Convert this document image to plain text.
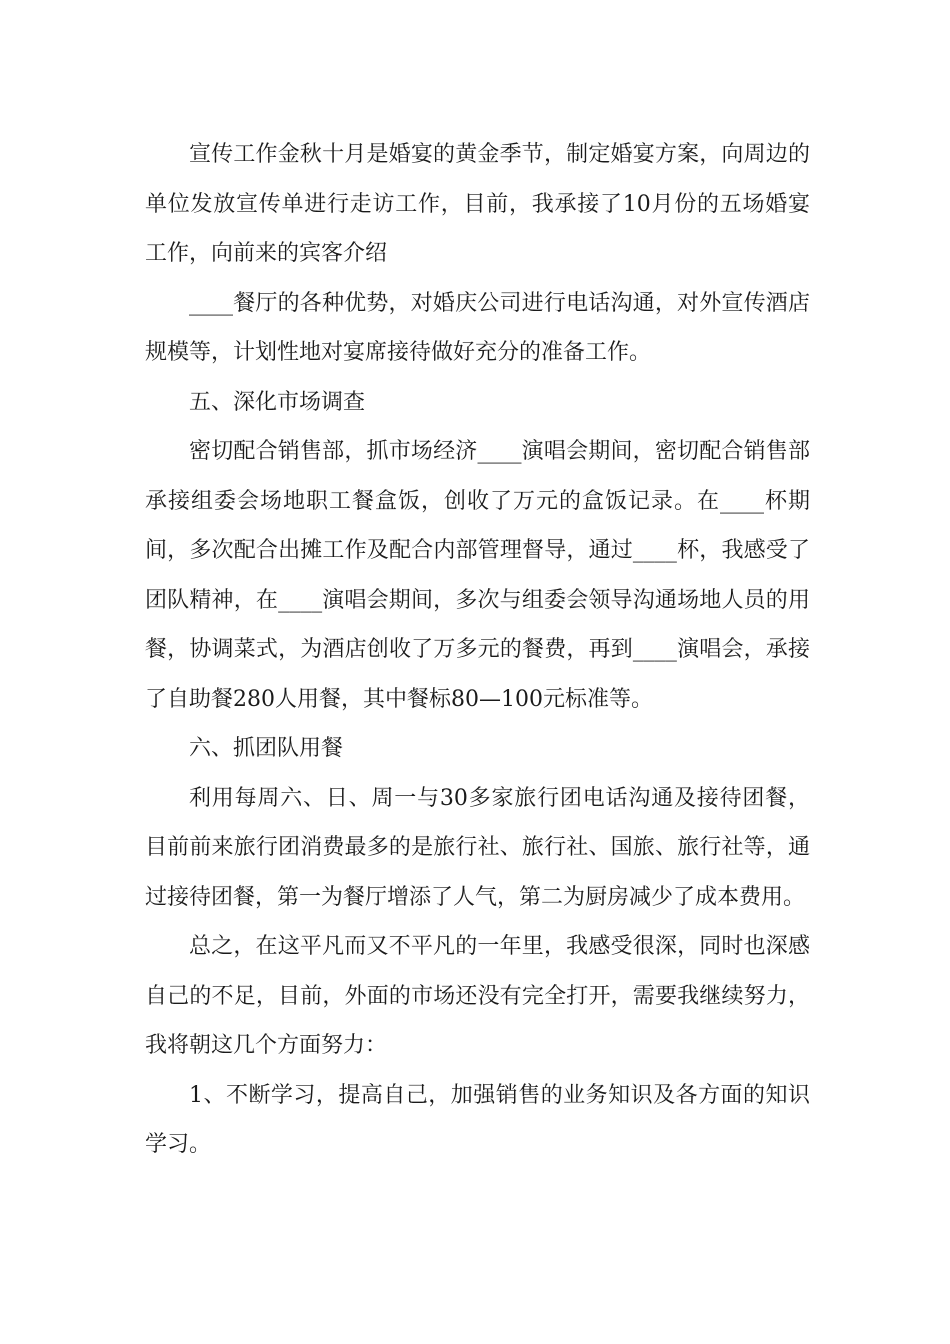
宣传工作金秋十月是婚宴的黄金季节，制定婚宴方案，向周边的单位发放宣传单进行走访工作，目前，我承接了10月份的五场婚宴工作，向前来的宾客介绍

____餐厅的各种优势，对婚庆公司进行电话沟通，对外宣传酒店规模等，计划性地对宴席接待做好充分的准备工作。

五、深化市场调查

密切配合销售部，抓市场经济____演唱会期间，密切配合销售部承接组委会场地职工餐盒饭，创收了万元的盒饭记录。在____杯期间，多次配合出摊工作及配合内部管理督导，通过____杯，我感受了团队精神，在____演唱会期间，多次与组委会领导沟通场地人员的用餐，协调菜式，为酒店创收了万多元的餐费，再到____演唱会，承接了自助餐280人用餐，其中餐标80—100元标准等。

六、抓团队用餐

利用每周六、日、周一与30多家旅行团电话沟通及接待团餐，目前前来旅行团消费最多的是旅行社、旅行社、国旅、旅行社等，通过接待团餐，第一为餐厅增添了人气，第二为厨房减少了成本费用。

总之，在这平凡而又不平凡的一年里，我感受很深，同时也深感自己的不足，目前，外面的市场还没有完全打开，需要我继续努力，我将朝这几个方面努力：

1、不断学习，提高自己，加强销售的业务知识及各方面的知识学习。
